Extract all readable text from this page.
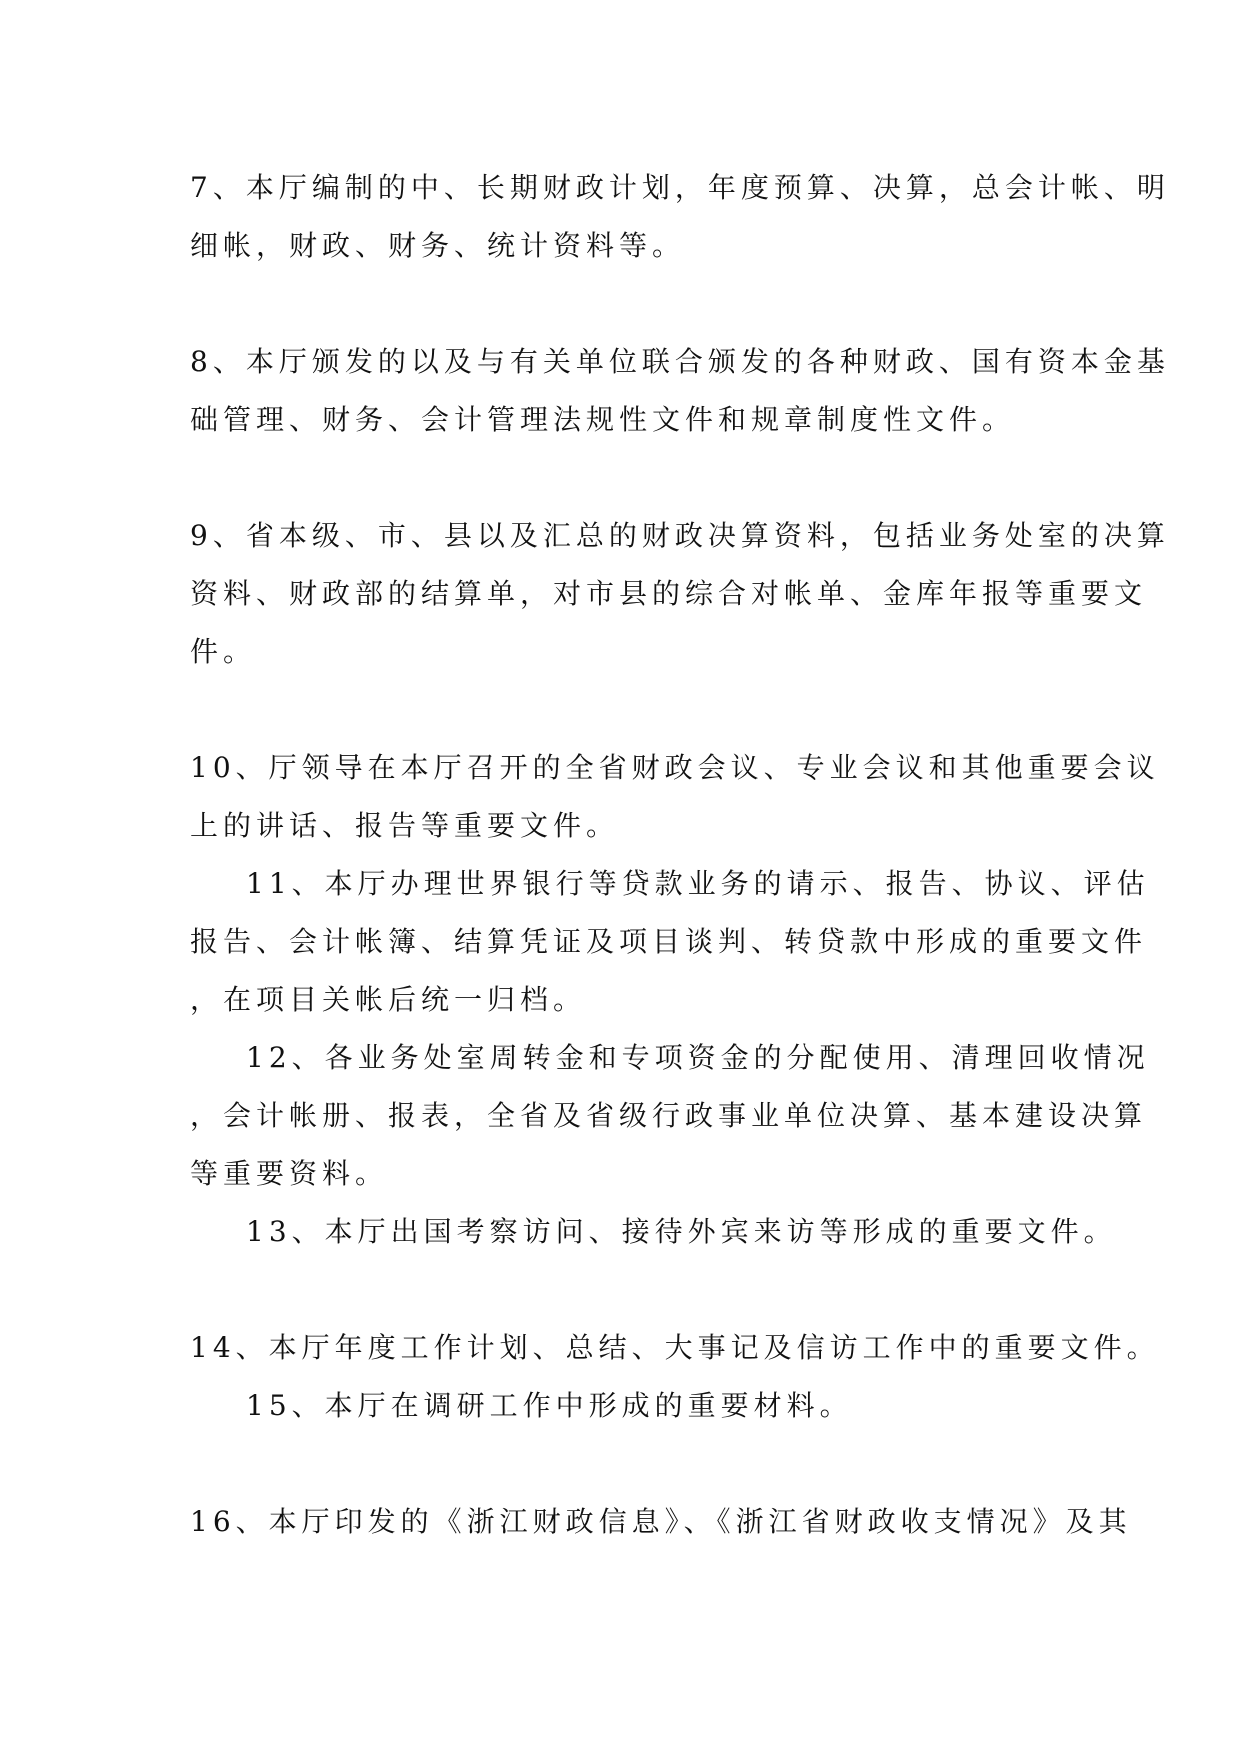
7、本厅编制的中、长期财政计划，年度预算、决算，总会计帐、明
细帐，财政、财务、统计资料等。
8、本厅颁发的以及与有关单位联合颁发的各种财政、国有资本金基
础管理、财务、会计管理法规性文件和规章制度性文件。
9、省本级、市、县以及汇总的财政决算资料，包括业务处室的决算
资料、财政部的结算单，对市县的综合对帐单、金库年报等重要文
件。
10、厅领导在本厅召开的全省财政会议、专业会议和其他重要会议
上的讲话、报告等重要文件。
11、本厅办理世界银行等贷款业务的请示、报告、协议、评估
报告、会计帐簿、结算凭证及项目谈判、转贷款中形成的重要文件
，在项目关帐后统一归档。
12、各业务处室周转金和专项资金的分配使用、清理回收情况
，会计帐册、报表，全省及省级行政事业单位决算、基本建设决算
等重要资料。
13、本厅出国考察访问、接待外宾来访等形成的重要文件。
14、本厅年度工作计划、总结、大事记及信访工作中的重要文件。
15、本厅在调研工作中形成的重要材料。
16、本厅印发的《浙江财政信息》、《浙江省财政收支情况》及其
